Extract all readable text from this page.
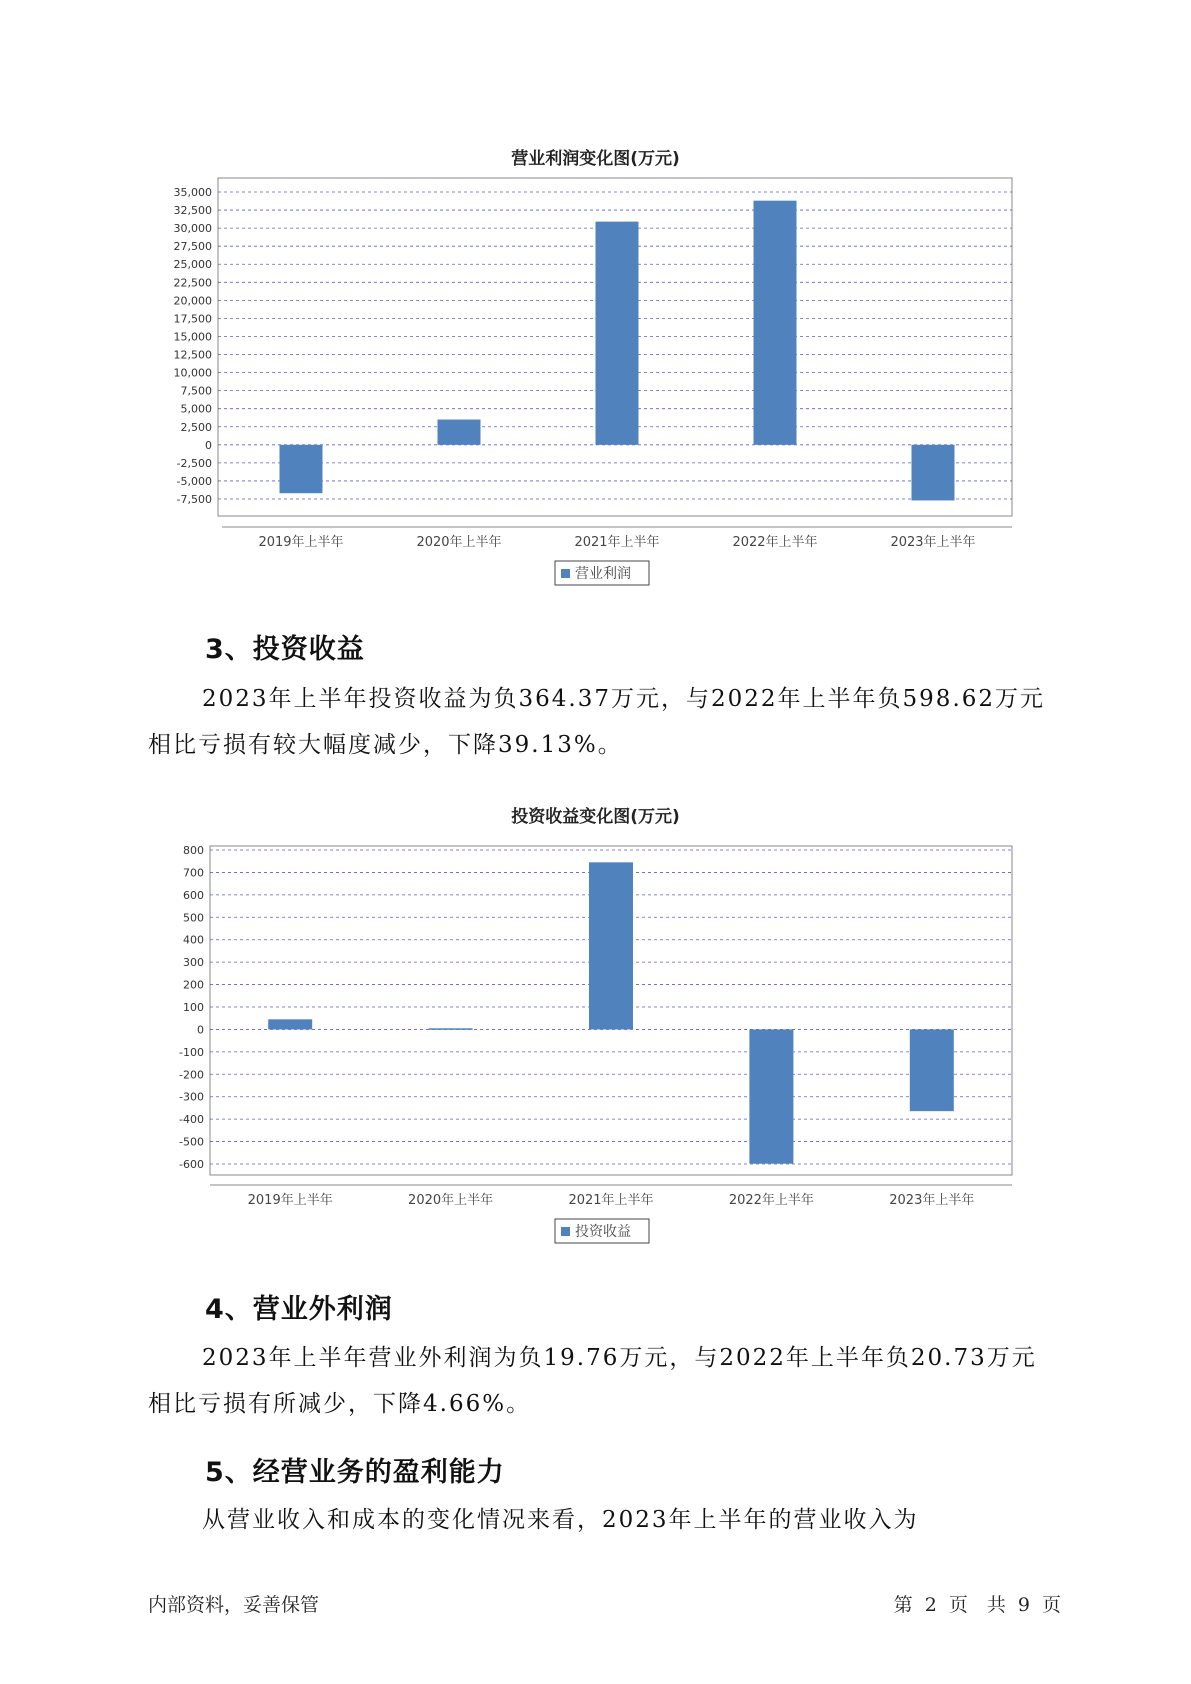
营业利润变化图(万元)
35,000
32,500
30,000
27,500
25,000
22,500
20,000
17,500
15,000
12,500
10,000
7,500
5,000
2,500
0
-2,500
-5,000
-7,500
2019年上半年	2020年上半年	2021年上半年	2022年上半年	2023年上半年
营业利润
3、投资收益

2023年上半年投资收益为负364.37万元，与2022年上半年负598.62万元相比亏损有较大幅度减少，下降39.13%。

投资收益变化图(万元)
800
700
600
500
400
300
200
100
0
-100
-200
-300
-400
-500
-600
2019年上半年	2020年上半年	2021年上半年	2022年上半年	2023年上半年
投资收益
4、营业外利润

2023年上半年营业外利润为负19.76万元，与2022年上半年负20.73万元相比亏损有所减少，下降4.66%。

5、经营业务的盈利能力

从营业收入和成本的变化情况来看，2023年上半年的营业收入为

内部资料，妥善保管	第 2 页　共 9 页
